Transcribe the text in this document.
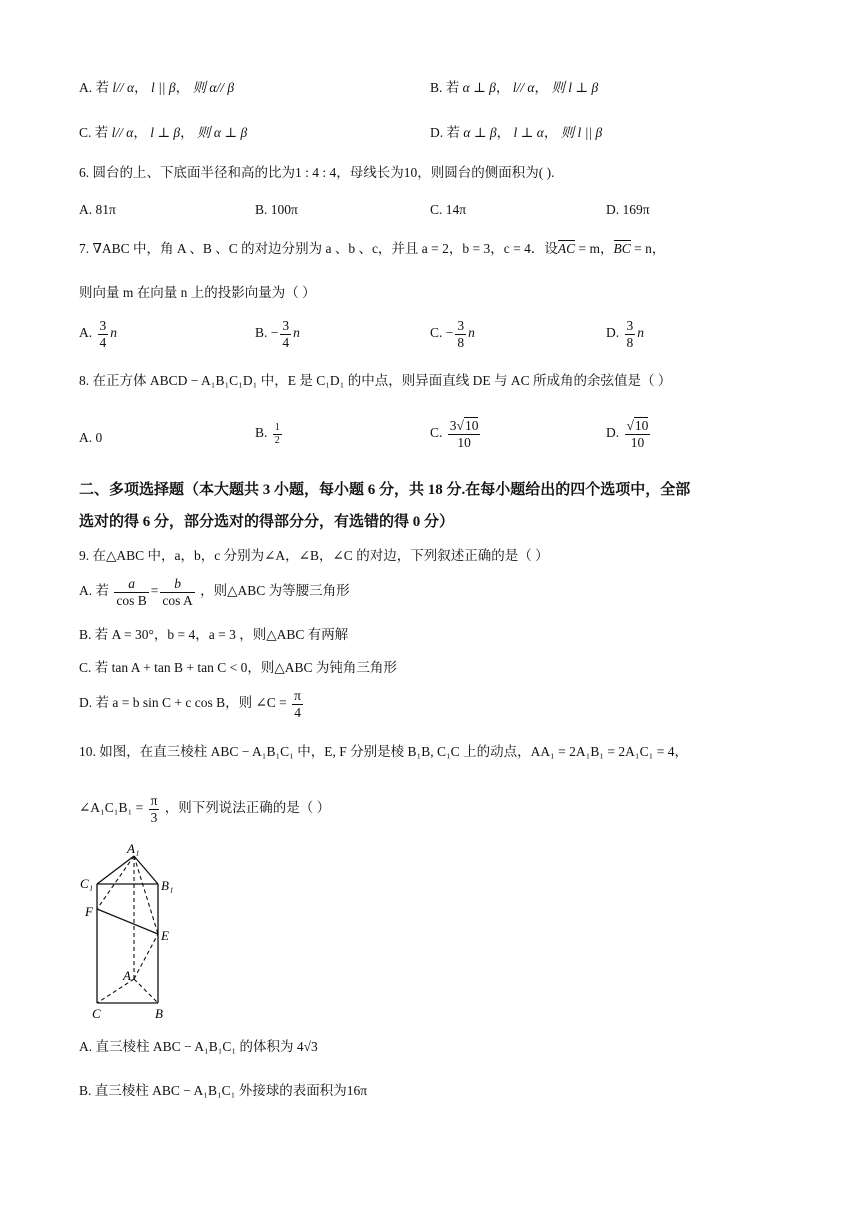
A. 若 l// α， l || β， 则 α// β	B. 若 α ⊥ β， l// α， 则 l ⊥ β
C. 若 l// α， l ⊥ β， 则 α ⊥ β	D. 若 α ⊥ β， l ⊥ α， 则 l || β
6. 圆台的上、下底面半径和高的比为1 : 4 : 4，母线长为10，则圆台的侧面积为( ).
A. 81π	B. 100π	C. 14π	D. 169π
7. ∇ABC 中，角 A 、B 、C 的对边分别为 a 、b 、c，并且 a = 2，b = 3，c = 4．设AC = m，BC = n，
则向量 m 在向量 n 上的投影向量为（ ）
A. $\frac{3}{4}$ n	B. − $\frac{3}{4}$ n	C. − $\frac{3}{8}$ n	D. $\frac{3}{8}$ n
8. 在正方体 ABCD − A₁B₁C₁D₁ 中，E 是 C₁D₁ 的中点，则异面直线 DE 与 AC 所成角的余弦值是（ ）
A. 0	B. $\frac{1}{2}$	C. $\frac{3√10}{10}$	D. $\frac{√10}{10}$
二、多项选择题（本大题共 3 小题，每小题 6 分，共 18 分.在每小题给出的四个选项中，全部
选对的得 6 分，部分选对的得部分分，有选错的得 0 分）
9. 在△ABC 中，a，b，c 分别为∠A，∠B，∠C 的对边，下列叙述正确的是（ ）
A. 若 $\frac{a}{\text{cos B}} = \frac{b}{\text{cos A}}$ ，则△ABC 为等腰三角形
B. 若 A = 30°，b = 4，a = 3 ，则△ABC 有两解
C. 若 tan A + tan B + tan C < 0，则△ABC 为钝角三角形
D. 若 a = b sin C + c cos B，则 ∠C = $\frac{\pi}{4}$
10. 如图，在直三棱柱 ABC − A₁B₁C₁ 中，E, F 分别是棱 B₁B, C₁C 上的动点，AA₁ = 2A₁B₁ = 2A₁C₁ = 4，
∠A₁C₁B₁ = $\frac{\pi}{3}$ ，则下列说法正确的是（ ）
A₁
C₁	B₁
F
E
A
C	B
A. 直三棱柱 ABC − A₁B₁C₁ 的体积为 4√3
B. 直三棱柱 ABC − A₁B₁C₁ 外接球的表面积为16π
